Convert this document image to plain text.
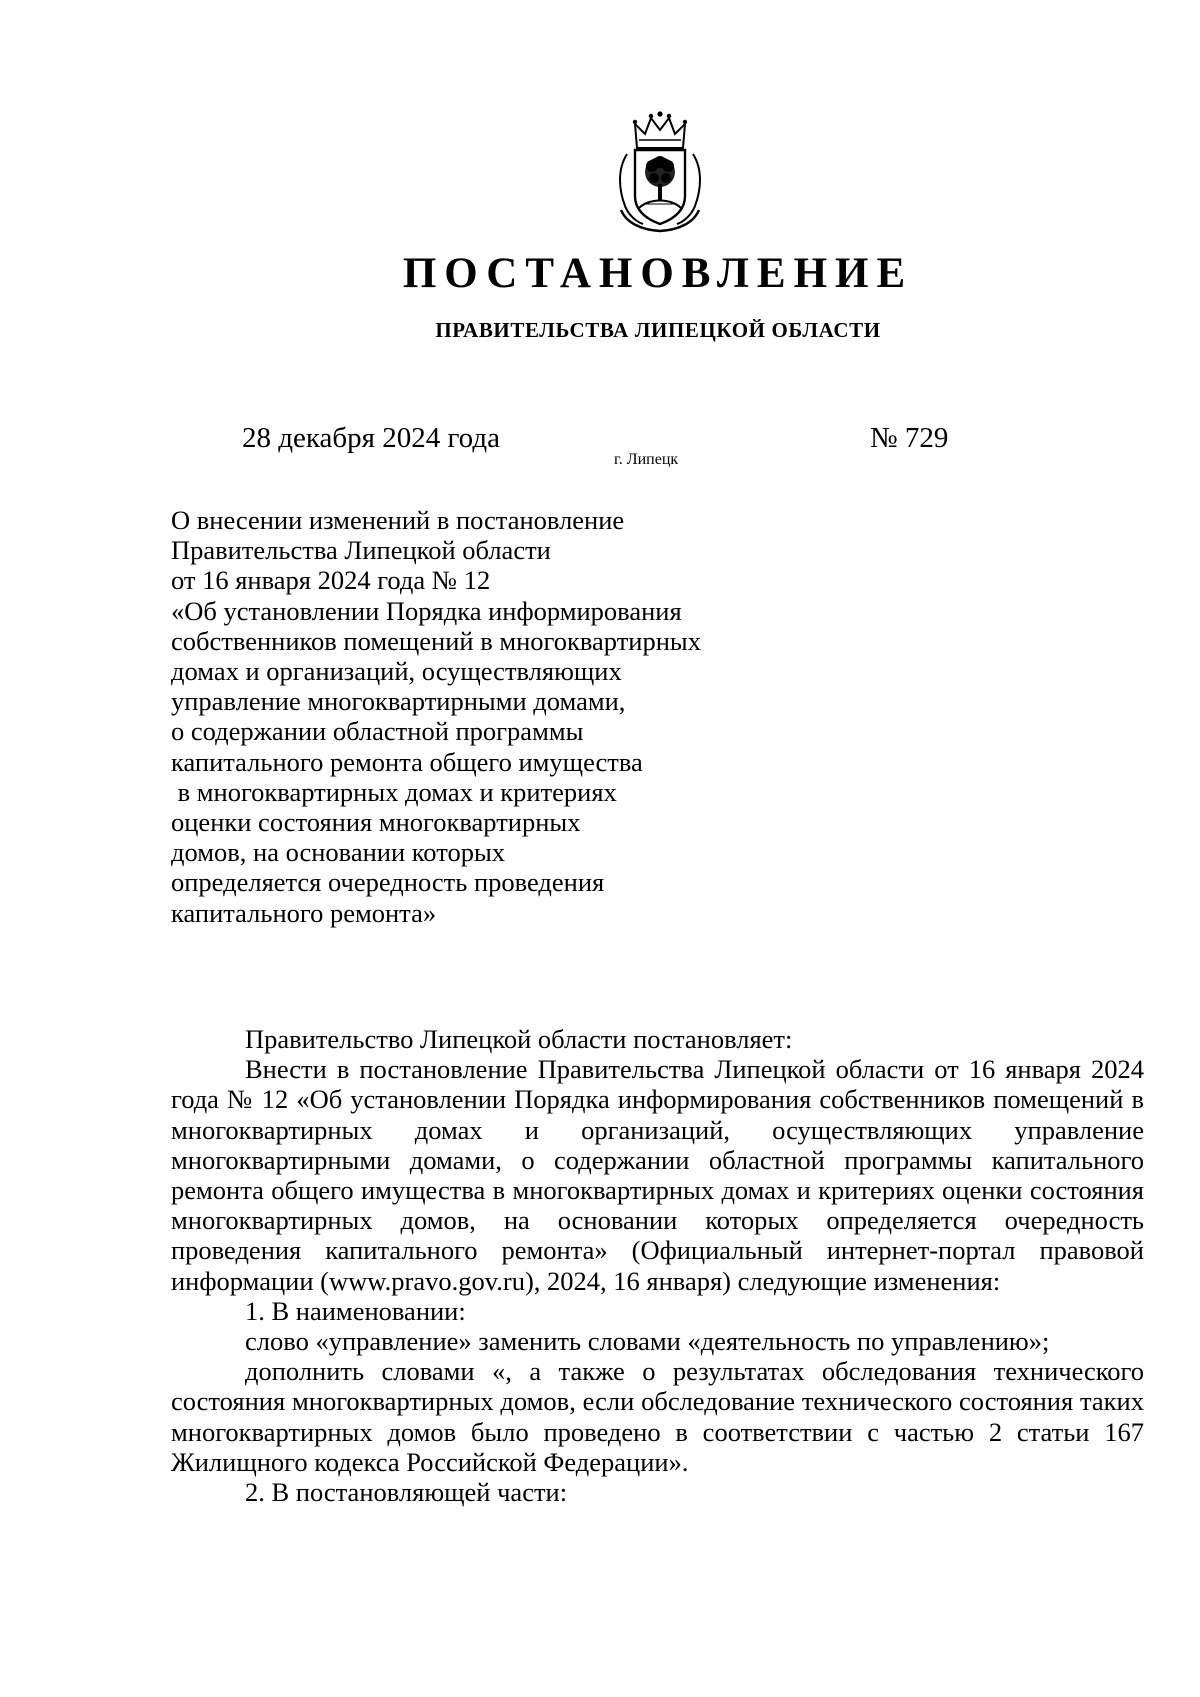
ПОСТАНОВЛЕНИЕ
ПРАВИТЕЛЬСТВА ЛИПЕЦКОЙ ОБЛАСТИ
28 декабря 2024 года
г. Липецк
№ 729
О внесении изменений в постановление
Правительства Липецкой области
от 16 января 2024 года № 12
«Об установлении Порядка информирования
собственников помещений в многоквартирных
домах и организаций, осуществляющих
управление многоквартирными домами,
о содержании областной программы
капитального ремонта общего имущества
в многоквартирных домах и критериях
оценки состояния многоквартирных
домов, на основании которых
определяется очередность проведения
капитального ремонта»

Правительство Липецкой области постановляет:

Внести в постановление Правительства Липецкой области от 16 января 2024 года № 12 «Об установлении Порядка информирования собственников помещений в многоквартирных домах и организаций, осуществляющих управление многоквартирными домами, о содержании областной программы капитального ремонта общего имущества в многоквартирных домах и критериях оценки состояния многоквартирных домов, на основании которых определяется очередность проведения капитального ремонта» (Официальный интернет-портал правовой информации (www.pravo.gov.ru), 2024, 16 января) следующие изменения:

1. В наименовании:

слово «управление» заменить словами «деятельность по управлению»;

дополнить словами «, а также о результатах обследования технического состояния многоквартирных домов, если обследование технического состояния таких многоквартирных домов было проведено в соответствии с частью 2 статьи 167 Жилищного кодекса Российской Федерации».

2. В постановляющей части:
